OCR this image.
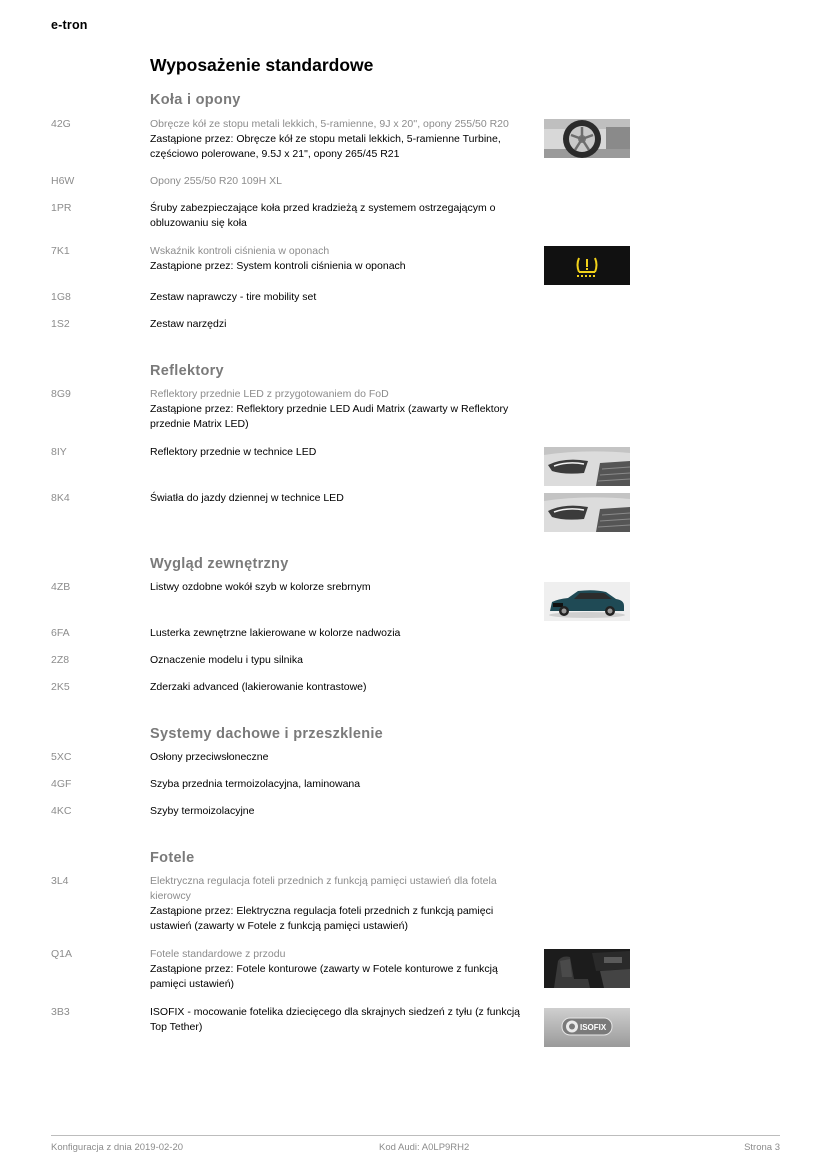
e-tron
Wyposażenie standardowe
Koła i opony
42G	Obręcze kół ze stopu metali lekkich, 5-ramienne, 9J x 20'', opony 255/50 R20
Zastąpione przez: Obręcze kół ze stopu metali lekkich, 5-ramienne Turbine, częściowo polerowane, 9.5J x 21", opony 265/45 R21
H6W	Opony 255/50 R20 109H XL
1PR	Śruby zabezpieczające koła przed kradzieżą z systemem ostrzegającym o obluzowaniu się koła
7K1	Wskaźnik kontroli ciśnienia w oponach
Zastąpione przez: System kontroli ciśnienia w oponach
1G8	Zestaw naprawczy - tire mobility set
1S2	Zestaw narzędzi
Reflektory
8G9	Reflektory przednie LED z przygotowaniem do FoD
Zastąpione przez: Reflektory przednie LED Audi Matrix (zawarty w Reflektory przednie Matrix LED)
8IY	Reflektory przednie w technice LED
8K4	Światła do jazdy dziennej w technice LED
Wygląd zewnętrzny
4ZB	Listwy ozdobne wokół szyb w kolorze srebrnym
6FA	Lusterka zewnętrzne lakierowane w kolorze nadwozia
2Z8	Oznaczenie modelu i typu silnika
2K5	Zderzaki advanced (lakierowanie kontrastowe)
Systemy dachowe i przeszklenie
5XC	Osłony przeciwsłoneczne
4GF	Szyba przednia termoizolacyjna, laminowana
4KC	Szyby termoizolacyjne
Fotele
3L4	Elektryczna regulacja foteli przednich z funkcją pamięci ustawień dla fotela kierowcy
Zastąpione przez: Elektryczna regulacja foteli przednich z funkcją pamięci ustawień (zawarty w Fotele z funkcją pamięci ustawień)
Q1A	Fotele standardowe z przodu
Zastąpione przez: Fotele konturowe (zawarty w Fotele konturowe z funkcją pamięci ustawień)
3B3	ISOFIX - mocowanie fotelika dziecięcego dla skrajnych siedzeń z tyłu (z funkcją Top Tether)	ISOFIX
Konfiguracja z dnia 2019-02-20	Kod Audi: A0LP9RH2	Strona 3
